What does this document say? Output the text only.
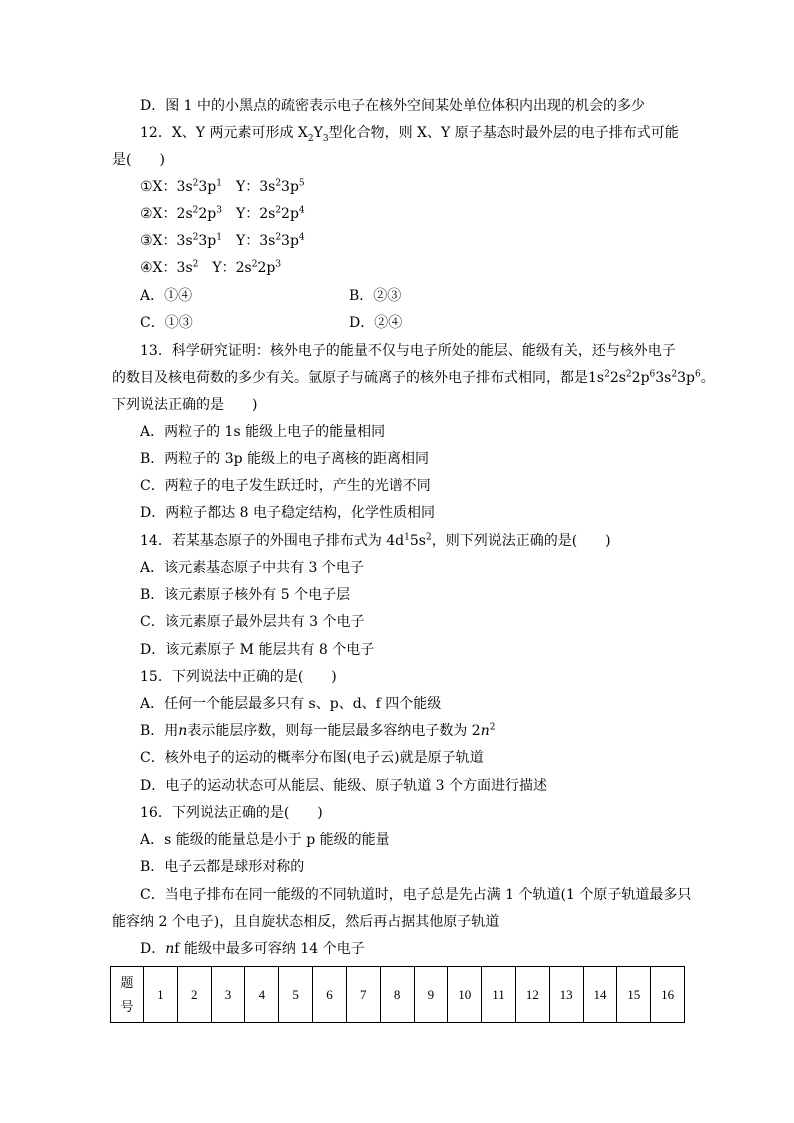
D．图 1 中的小黑点的疏密表示电子在核外空间某处单位体积内出现的机会的多少
12．X、Y 两元素可形成 $X_2Y_3$型化合物，则 X、Y 原子基态时最外层的电子排布式可能
是(　　)
①X：$3s^23p^1$　 Y：$3s^23p^5$
②X：$2s^22p^3$　 Y：$2s^22p^4$
③X：$3s^23p^1$　 Y：$3s^23p^4$
④X：$3s^2$　 Y：$2s^22p^3$
A．①④	B．②③
C．①③	D．②④
13．科学研究证明：核外电子的能量不仅与电子所处的能层、能级有关，还与核外电子
的数目及核电荷数的多少有关。氩原子与硫离子的核外电子排布式相同，都是$1s^22s^22p^63s^23p^6$。
下列说法正确的是　　)
A．两粒子的 1s 能级上电子的能量相同
B．两粒子的 3p 能级上的电子离核的距离相同
C．两粒子的电子发生跃迁时，产生的光谱不同
D．两粒子都达 8 电子稳定结构，化学性质相同
14．若某基态原子的外围电子排布式为 $4d^15s^2$，则下列说法正确的是(　　)
A．该元素基态原子中共有 3 个电子
B．该元素原子核外有 5 个电子层
C．该元素原子最外层共有 3 个电子
D．该元素原子 M 能层共有 8 个电子
15．下列说法中正确的是(　　)
A．任何一个能层最多只有 s、p、d、f 四个能级
B．用n表示能层序数，则每一能层最多容纳电子数为 $2n^2$
C．核外电子的运动的概率分布图(电子云)就是原子轨道
D．电子的运动状态可从能层、能级、原子轨道 3 个方面进行描述
16．下列说法正确的是(　　)
A．s 能级的能量总是小于 p 能级的能量
B．电子云都是球形对称的
C．当电子排布在同一能级的不同轨道时，电子总是先占满 1 个轨道(1 个原子轨道最多只
能容纳 2 个电子)，且自旋状态相反，然后再占据其他原子轨道
D．nf 能级中最多可容纳 14 个电子
题
号
	1	2	3	4	5	6	7	8	9	10	11	12	13	14	15	16
